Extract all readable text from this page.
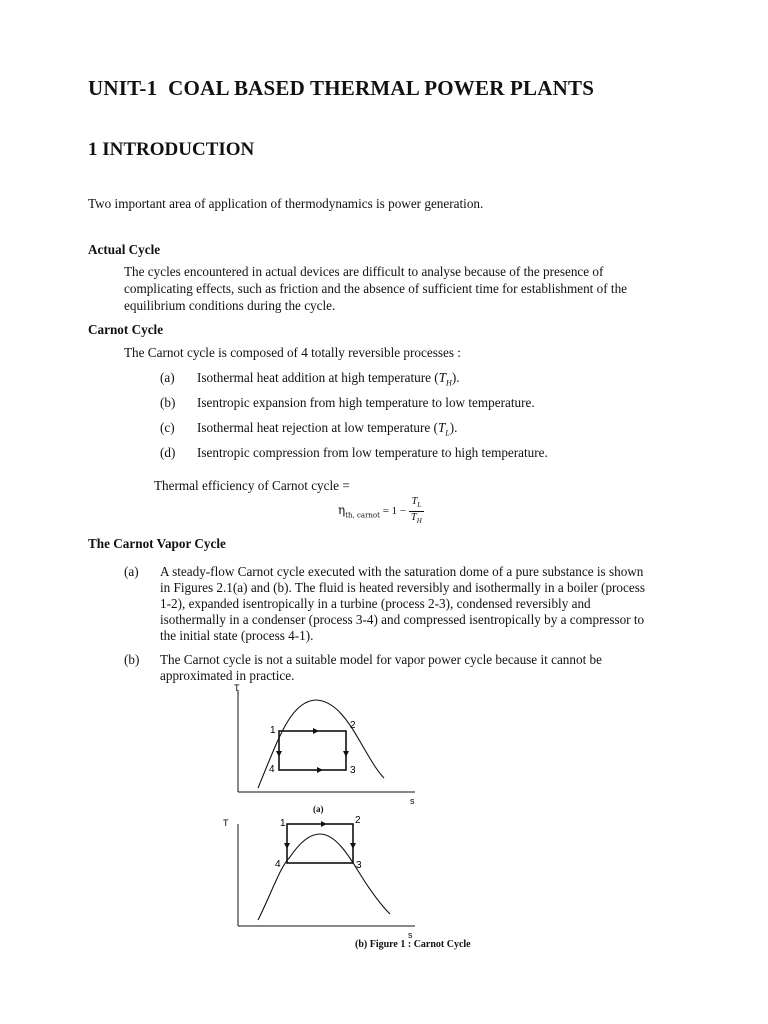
UNIT-1  COAL BASED THERMAL POWER PLANTS
1 INTRODUCTION
Two important area of application of thermodynamics is power generation.
Actual Cycle
The cycles encountered in actual devices are difficult to analyse because of the presence of
complicating effects, such as friction and the absence of sufficient time for establishment of the
equilibrium conditions during the cycle.
Carnot Cycle
The Carnot cycle is composed of 4 totally reversible processes :
(a) Isothermal heat addition at high temperature $(T_H)$.
(b) Isentropic expansion from high temperature to low temperature.
(c) Isothermal heat rejection at low temperature $(T_L)$.
(d) Isentropic compression from low temperature to high temperature.
Thermal efficiency of Carnot cycle =
$\eta_{th, carnot} = 1 - \frac{T_L}{T_H}$
The Carnot Vapor Cycle
(a) A steady-flow Carnot cycle executed with the saturation dome of a pure substance is shown
in Figures 2.1(a) and (b). The fluid is heated reversibly and isothermally in a boiler (process
1-2), expanded isentropically in a turbine (process 2-3), condensed reversibly and
isothermally in a condenser (process 3-4) and compressed isentropically by a compressor to
the initial state (process 4-1).
(b) The Carnot cycle is not a suitable model for vapor power cycle because it cannot be
approximated in practice.
T
s
1	2
3
4
(a)
T
s
1	2
3
4
(b) Figure 1 : Carnot Cycle
